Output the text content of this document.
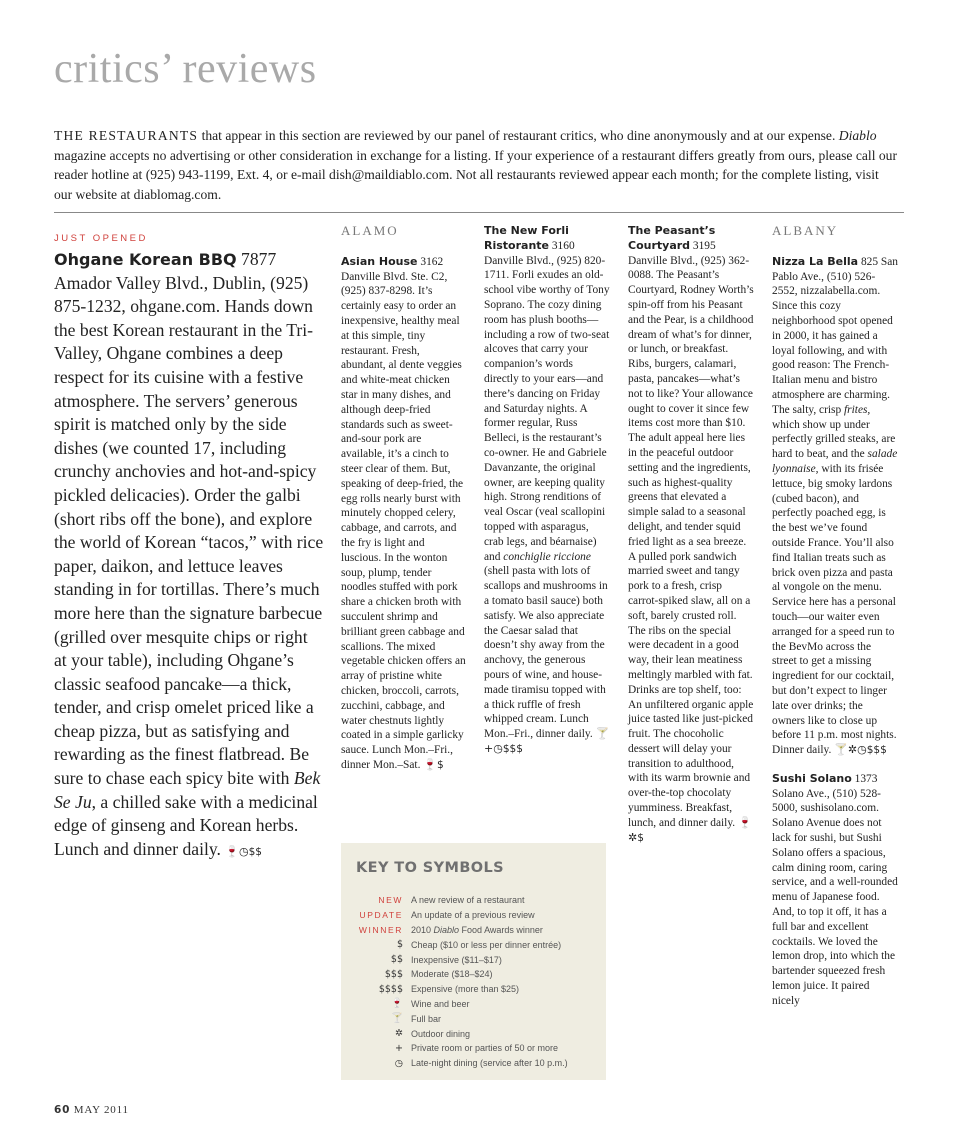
critics’ reviews
THE RESTAURANTS that appear in this section are reviewed by our panel of restaurant critics, who dine anonymously and at our expense. Diablo magazine accepts no advertising or other consideration in exchange for a listing. If your experience of a restaurant differs greatly from ours, please call our reader hotline at (925) 943-1199, Ext. 4, or e-mail dish@maildiablo.com. Not all restaurants reviewed appear each month; for the complete listing, visit our website at diablomag.com.
JUST OPENED
Ohgane Korean BBQ 7877 Amador Valley Blvd., Dublin, (925) 875-1232, ohgane.com. Hands down the best Korean restaurant in the Tri-Valley, Ohgane combines a deep respect for its cuisine with a festive atmosphere. The servers’ generous spirit is matched only by the side dishes (we counted 17, including crunchy anchovies and hot-and-spicy pickled delicacies). Order the galbi (short ribs off the bone), and explore the world of Korean “tacos,” with rice paper, daikon, and lettuce leaves standing in for tortillas. There’s much more here than the signature barbecue (grilled over mesquite chips or right at your table), including Ohgane’s classic seafood pancake—a thick, tender, and crisp omelet priced like a cheap pizza, but as satisfying and rewarding as the finest flatbread. Be sure to chase each spicy bite with Bek Se Ju, a chilled sake with a medicinal edge of ginseng and Korean herbs. Lunch and dinner daily. 🍷◷$$
ALAMO

Asian House 3162 Danville Blvd. Ste. C2, (925) 837-8298. It’s certainly easy to order an inexpensive, healthy meal at this simple, tiny restaurant. Fresh, abundant, al dente veggies and white-meat chicken star in many dishes, and although deep-fried standards such as sweet-and-sour pork are available, it’s a cinch to steer clear of them. But, speaking of deep-fried, the egg rolls nearly burst with minutely chopped celery, cabbage, and carrots, and the fry is light and luscious. In the wonton soup, plump, tender noodles stuffed with pork share a chicken broth with succulent shrimp and brilliant green cabbage and scallions. The mixed vegetable chicken offers an array of pristine white chicken, broccoli, carrots, zucchini, cabbage, and water chestnuts lightly coated in a simple garlicky sauce. Lunch Mon.–Fri., dinner Mon.–Sat. 🍷$

The New Forli Ristorante 3160 Danville Blvd., (925) 820-1711. Forli exudes an old-school vibe worthy of Tony Soprano. The cozy dining room has plush booths—including a row of two-seat alcoves that carry your companion’s words directly to your ears—and there’s dancing on Friday and Saturday nights. A former regular, Russ Belleci, is the restaurant’s co-owner. He and Gabriele Davanzante, the original owner, are keeping quality high. Strong renditions of veal Oscar (veal scallopini topped with asparagus, crab legs, and béarnaise) and conchiglie riccione (shell pasta with lots of scallops and mushrooms in a tomato basil sauce) both satisfy. We also appreciate the Caesar salad that doesn’t shy away from the anchovy, the generous pours of wine, and house-made tiramisu topped with a thick ruffle of fresh whipped cream. Lunch Mon.–Fri., dinner daily. 🍸+◷$$$

The Peasant’s Courtyard 3195 Danville Blvd., (925) 362-0088. The Peasant’s Courtyard, Rodney Worth’s spin-off from his Peasant and the Pear, is a childhood dream of what’s for dinner, or lunch, or breakfast. Ribs, burgers, calamari, pasta, pancakes—what’s not to like? Your allowance ought to cover it since few items cost more than $10. The adult appeal here lies in the peaceful outdoor setting and the ingredients, such as highest-quality greens that elevated a simple salad to a seasonal delight, and tender squid fried light as a sea breeze. A pulled pork sandwich married sweet and tangy pork to a fresh, crisp carrot-spiked slaw, all on a soft, barely crusted roll. The ribs on the special were decadent in a good way, their lean meatiness meltingly marbled with fat. Drinks are top shelf, too: An unfiltered organic apple juice tasted like just-picked fruit. The chocoholic dessert will delay your transition to adulthood, with its warm brownie and over-the-top chocolaty yumminess. Breakfast, lunch, and dinner daily. 🍷✲$

ALBANY

Nizza La Bella 825 San Pablo Ave., (510) 526-2552, nizzalabella.com. Since this cozy neighborhood spot opened in 2000, it has gained a loyal following, and with good reason: The French-Italian menu and bistro atmosphere are charming. The salty, crisp frites, which show up under perfectly grilled steaks, are hard to beat, and the salade lyonnaise, with its frisée lettuce, big smoky lardons (cubed bacon), and perfectly poached egg, is the best we’ve found outside France. You’ll also find Italian treats such as brick oven pizza and pasta al vongole on the menu. Service here has a personal touch—our waiter even arranged for a speed run to the BevMo across the street to get a missing ingredient for our cocktail, but don’t expect to linger late over drinks; the owners like to close up before 11 p.m. most nights. Dinner daily. 🍸✲◷$$$

Sushi Solano 1373 Solano Ave., (510) 528-5000, sushisolano.com. Solano Avenue does not lack for sushi, but Sushi Solano offers a spacious, calm dining room, caring service, and a well-rounded menu of Japanese food. And, to top it off, it has a full bar and excellent cocktails. We loved the lemon drop, into which the bartender squeezed fresh lemon juice. It paired nicely

KEY TO SYMBOLS
NEW A new review of a restaurant
UPDATE An update of a previous review
WINNER 2010 Diablo Food Awards winner
$ Cheap ($10 or less per dinner entrée)
$$ Inexpensive ($11–$17)
$$$ Moderate ($18–$24)
$$$$ Expensive (more than $25)
🍷 Wine and beer
🍸 Full bar
✲ Outdoor dining
+ Private room or parties of 50 or more
◷ Late-night dining (service after 10 p.m.)
60 MAY 2011
